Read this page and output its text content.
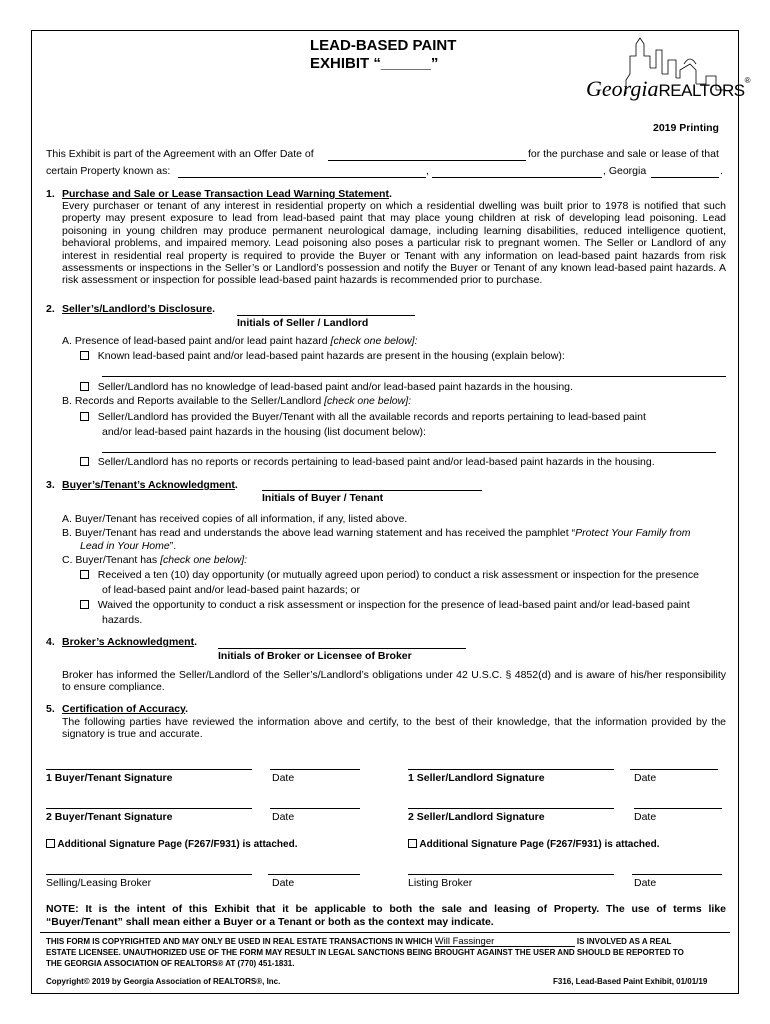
LEAD-BASED PAINT
EXHIBIT “______”
GeorgiaREALTORS®
2019 Printing
This Exhibit is part of the Agreement with an Offer Date of	for the purchase and sale or lease of that
certain Property known as:	,	, Georgia	.
1. Purchase and Sale or Lease Transaction Lead Warning Statement.
Every purchaser or tenant of any interest in residential property on which a residential dwelling was built prior to 1978 is notified that such property may present exposure to lead from lead-based paint that may place young children at risk of developing lead poisoning. Lead poisoning in young children may produce permanent neurological damage, including learning disabilities, reduced intelligence quotient, behavioral problems, and impaired memory. Lead poisoning also poses a particular risk to pregnant women. The Seller or Landlord of any interest in residential real property is required to provide the Buyer or Tenant with any information on lead-based paint hazards from risk assessments or inspections in the Seller’s or Landlord’s possession and notify the Buyer or Tenant of any known lead-based paint hazards. A risk assessment or inspection for possible lead-based paint hazards is recommended prior to purchase.
2. Seller’s/Landlord’s Disclosure.
Initials of Seller / Landlord
A. Presence of lead-based paint and/or lead paint hazard [check one below]:
Known lead-based paint and/or lead-based paint hazards are present in the housing (explain below):
Seller/Landlord has no knowledge of lead-based paint and/or lead-based paint hazards in the housing.
B. Records and Reports available to the Seller/Landlord [check one below]:
Seller/Landlord has provided the Buyer/Tenant with all the available records and reports pertaining to lead-based paint
and/or lead-based paint hazards in the housing (list document below):
Seller/Landlord has no reports or records pertaining to lead-based paint and/or lead-based paint hazards in the housing.
3. Buyer’s/Tenant’s Acknowledgment.
Initials of Buyer / Tenant
A. Buyer/Tenant has received copies of all information, if any, listed above.
B. Buyer/Tenant has read and understands the above lead warning statement and has received the pamphlet “Protect Your Family from
Lead in Your Home”.
C. Buyer/Tenant has [check one below]:
Received a ten (10) day opportunity (or mutually agreed upon period) to conduct a risk assessment or inspection for the presence
of lead-based paint and/or lead-based paint hazards; or
Waived the opportunity to conduct a risk assessment or inspection for the presence of lead-based paint and/or lead-based paint
hazards.
4. Broker’s Acknowledgment.
Initials of Broker or Licensee of Broker
Broker has informed the Seller/Landlord of the Seller’s/Landlord’s obligations under 42 U.S.C. § 4852(d) and is aware of his/her responsibility to ensure compliance.
5. Certification of Accuracy.
The following parties have reviewed the information above and certify, to the best of their knowledge, that the information provided by the signatory is true and accurate.
1 Buyer/Tenant Signature	Date	1 Seller/Landlord Signature	Date
2 Buyer/Tenant Signature	Date	2 Seller/Landlord Signature	Date
Additional Signature Page (F267/F931) is attached.	Additional Signature Page (F267/F931) is attached.
Selling/Leasing Broker	Date	Listing Broker	Date
NOTE: It is the intent of this Exhibit that it be applicable to both the sale and leasing of Property. The use of terms like
“Buyer/Tenant” shall mean either a Buyer or a Tenant or both as the context may indicate.
THIS FORM IS COPYRIGHTED AND MAY ONLY BE USED IN REAL ESTATE TRANSACTIONS IN WHICH Will Fassinger	IS INVOLVED AS A REAL
ESTATE LICENSEE. UNAUTHORIZED USE OF THE FORM MAY RESULT IN LEGAL SANCTIONS BEING BROUGHT AGAINST THE USER AND SHOULD BE REPORTED TO
THE GEORGIA ASSOCIATION OF REALTORS® AT (770) 451-1831.
Copyright© 2019 by Georgia Association of REALTORS®, Inc.	F316, Lead-Based Paint Exhibit, 01/01/19
